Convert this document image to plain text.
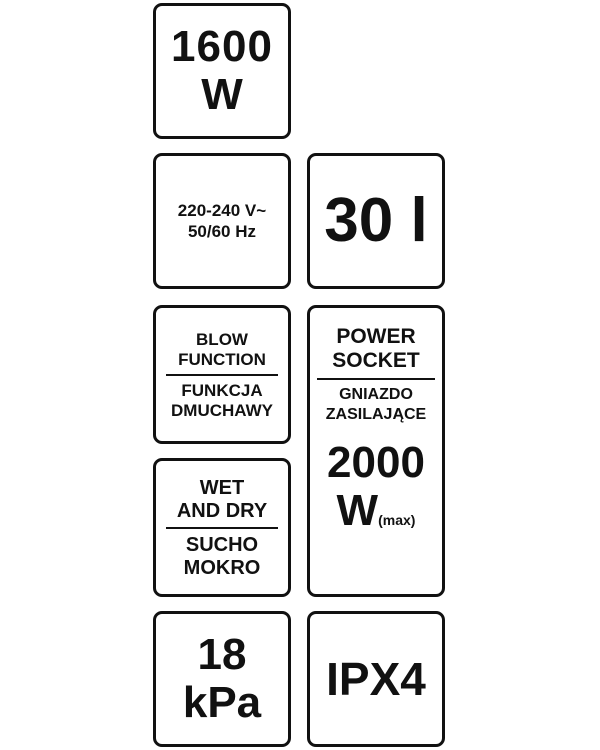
1600
W
220-240 V~
50/60 Hz 30 l
BLOW
FUNCTION
FUNKCJA
DMUCHAWY
POWER
SOCKET
GNIAZDO
ZASILAJĄCE
2000
W(max)
WET
AND DRY
SUCHO
MOKRO
18
kPa IPX4
